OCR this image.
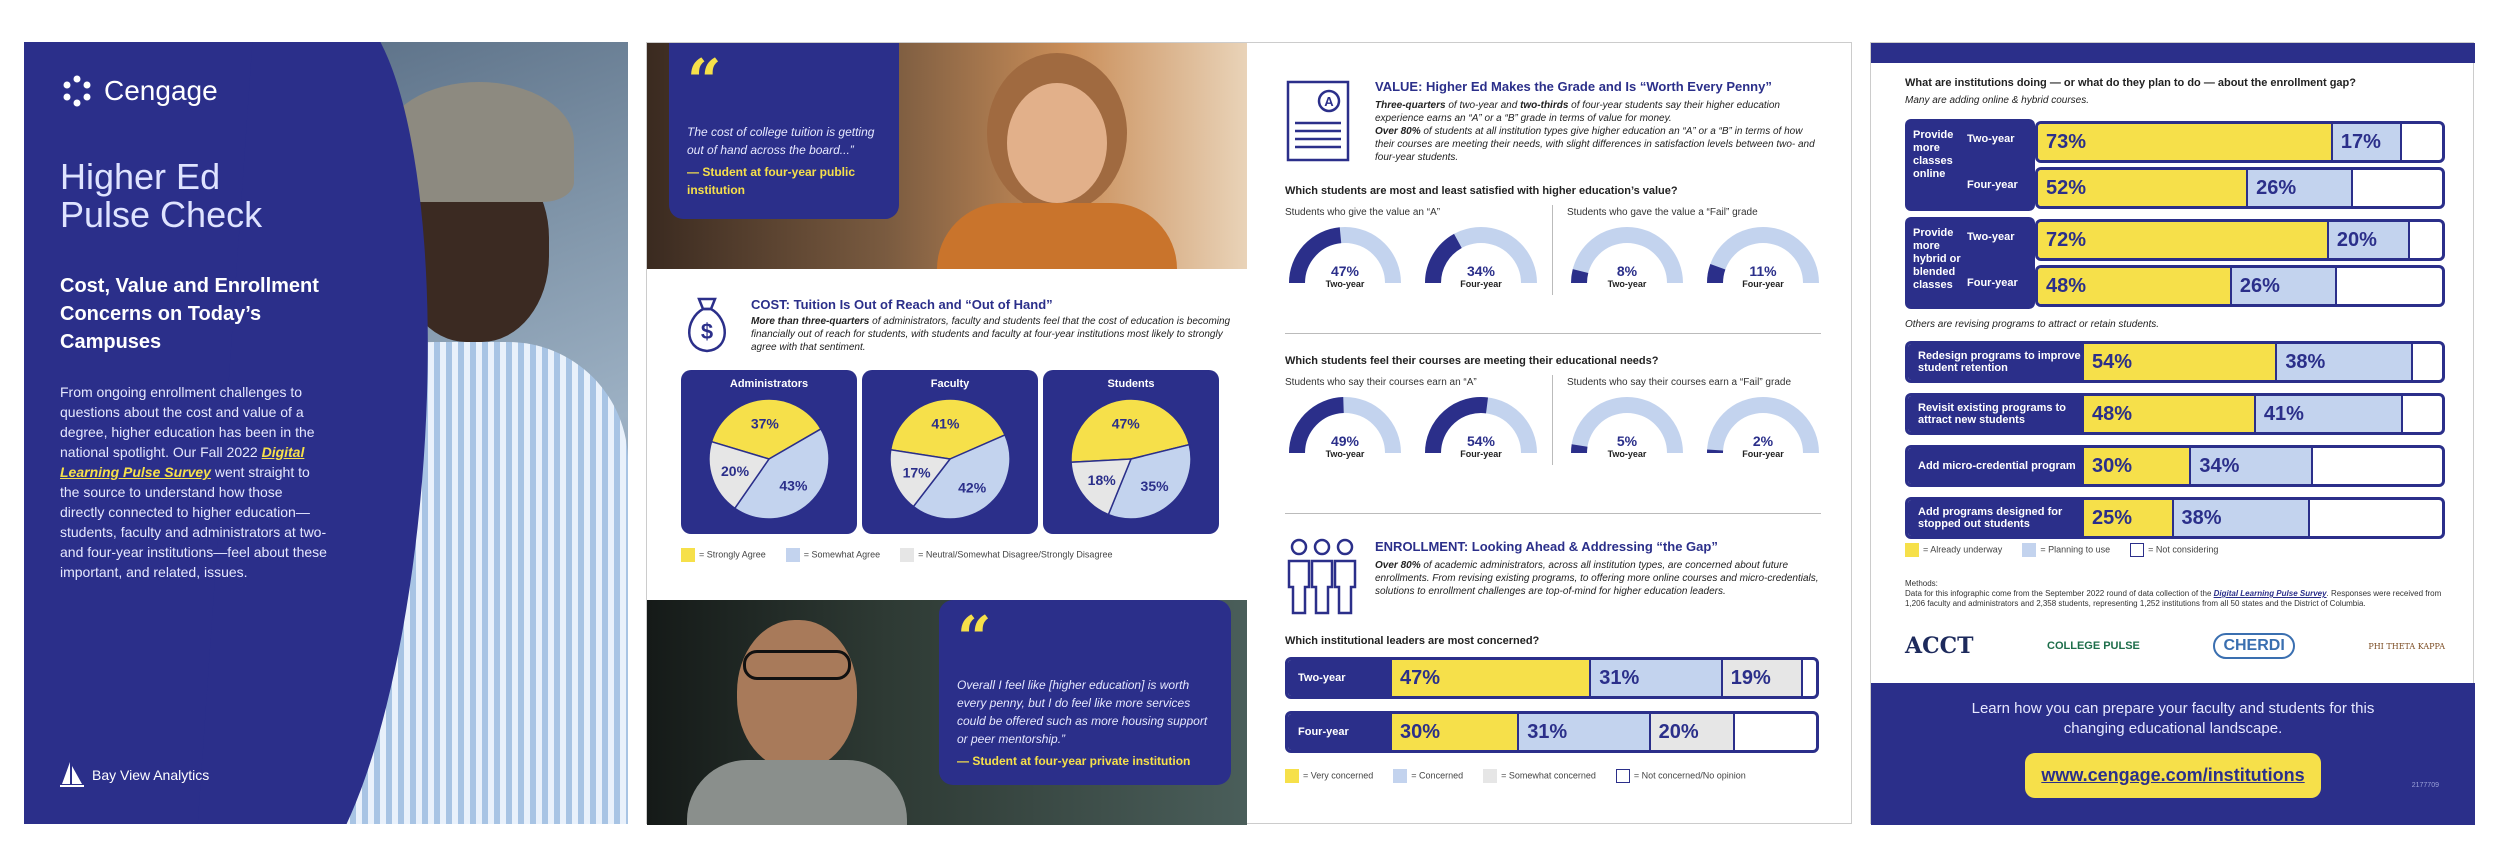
Cengage
Higher Ed
Pulse Check
Cost, Value and Enrollment Concerns on Today’s Campuses
From ongoing enrollment challenges to questions about the cost and value of a degree, higher education has been in the national spotlight. Our Fall 2022 Digital Learning Pulse Survey went straight to the source to understand how those directly connected to higher education—students, faculty and administrators at two- and four-year institutions—feel about these important, and related, issues.
Bay View Analytics
“
The cost of college tuition is getting out of hand across the board...”
— Student at four-year public institution
$
COST: Tuition Is Out of Reach and “Out of Hand”
More than three-quarters of administrators, faculty and students feel that the cost of education is becoming financially out of reach for students, with students and faculty at four-year institutions most likely to strongly agree with that sentiment.
Administrators
37%
43%
20%
Faculty
41%
42%
17%
Students
47%
35%
18%
= Strongly Agree	= Somewhat Agree	= Neutral/Somewhat Disagree/Strongly Disagree
“
Overall I feel like [higher education] is worth every penny, but I do feel like more services could be offered such as more housing support or peer mentorship.”
— Student at four-year private institution
A
VALUE: Higher Ed Makes the Grade and Is “Worth Every Penny”
Three-quarters of two-year and two-thirds of four-year students say their higher education experience earns an “A” or a “B” grade in terms of value for money.
Over 80% of students at all institution types give higher education an “A” or a “B” in terms of how their courses are meeting their needs, with slight differences in satisfaction levels between two- and four-year students.
Which students are most and least satisfied with higher education’s value?
Students who give the value an “A”	Students who gave the value a “Fail” grade
47%
Two-year
34%
Four-year
8%
Two-year
11%
Four-year
Which students feel their courses are meeting their educational needs?
Students who say their courses earn an “A”	Students who say their courses earn a “Fail” grade
49%
Two-year
54%
Four-year
5%
Two-year
2%
Four-year
ENROLLMENT: Looking Ahead & Addressing “the Gap”
Over 80% of academic administrators, across all institution types, are concerned about future enrollments. From revising existing programs, to offering more online courses and micro-credentials, solutions to enrollment challenges are top-of-mind for higher education leaders.
Which institutional leaders are most concerned?
Two-year	47%	31%	19%
Four-year	30%	31%	20%
= Very concerned	= Concerned	= Somewhat concerned	= Not concerned/No opinion
What are institutions doing — or what do they plan to do — about the enrollment gap?
Many are adding online & hybrid courses.
Provide more classes online
Two-year	73%	17%
Four-year	52%	26%
Provide more hybrid or blended classes
Two-year	72%	20%
Four-year	48%	26%
Others are revising programs to attract or retain students.
Redesign programs to improve student retention	54%	38%
Revisit existing programs to attract new students	48%	41%
Add micro-credential program 30%	34%
Add programs designed for stopped out students	25%	38%
= Already underway	= Planning to use	= Not considering
Methods:
Data for this infographic come from the September 2022 round of data collection of the Digital Learning Pulse Survey. Responses were received from 1,206 faculty and administrators and 2,358 students, representing 1,252 institutions from all 50 states and the District of Columbia.
ACCT	COLLEGE PULSE	CHERDI	PHI THETA KAPPA
Learn how you can prepare your faculty and students for this changing educational landscape.
www.cengage.com/institutions
2177709
